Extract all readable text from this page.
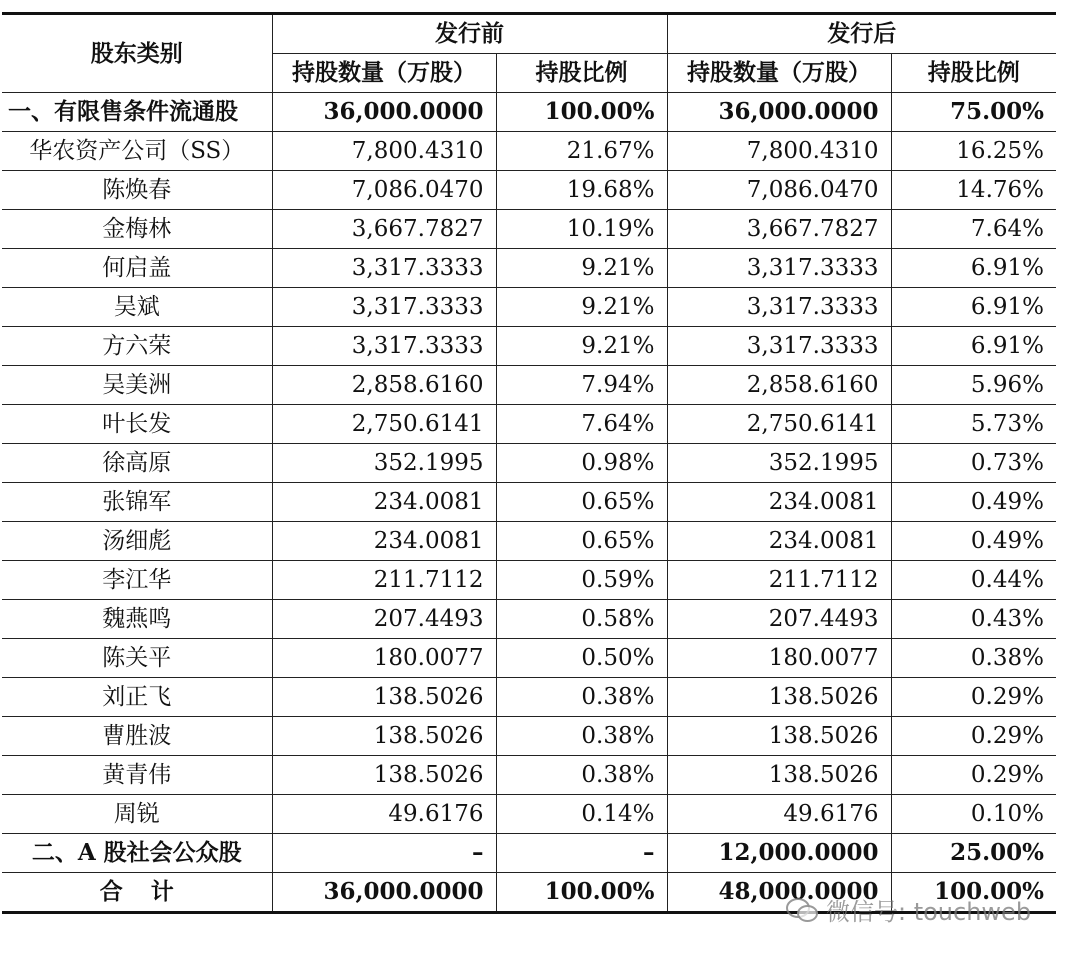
股东类别	发行前		发行后	
	持股数量（万股）	持股比例	持股数量（万股）	持股比例
一、有限售条件流通股	36,000.0000	100.00%	36,000.0000	75.00%
华农资产公司（SS）	7,800.4310	21.67%	7,800.4310	16.25%
陈焕春	7,086.0470	19.68%	7,086.0470	14.76%
金梅林	3,667.7827	10.19%	3,667.7827	7.64%
何启盖	3,317.3333	9.21%	3,317.3333	6.91%
吴斌	3,317.3333	9.21%	3,317.3333	6.91%
方六荣	3,317.3333	9.21%	3,317.3333	6.91%
吴美洲	2,858.6160	7.94%	2,858.6160	5.96%
叶长发	2,750.6141	7.64%	2,750.6141	5.73%
徐高原	352.1995	0.98%	352.1995	0.73%
张锦军	234.0081	0.65%	234.0081	0.49%
汤细彪	234.0081	0.65%	234.0081	0.49%
李江华	211.7112	0.59%	211.7112	0.44%
魏燕鸣	207.4493	0.58%	207.4493	0.43%
陈关平	180.0077	0.50%	180.0077	0.38%
刘正飞	138.5026	0.38%	138.5026	0.29%
曹胜波	138.5026	0.38%	138.5026	0.29%
黄青伟	138.5026	0.38%	138.5026	0.29%
周锐	49.6176	0.14%	49.6176	0.10%
二、A 股社会公众股	–	–	12,000.0000	25.00%
合计	36,000.0000	100.00%	48,000.0000	100.00%
微信号: touchweb
